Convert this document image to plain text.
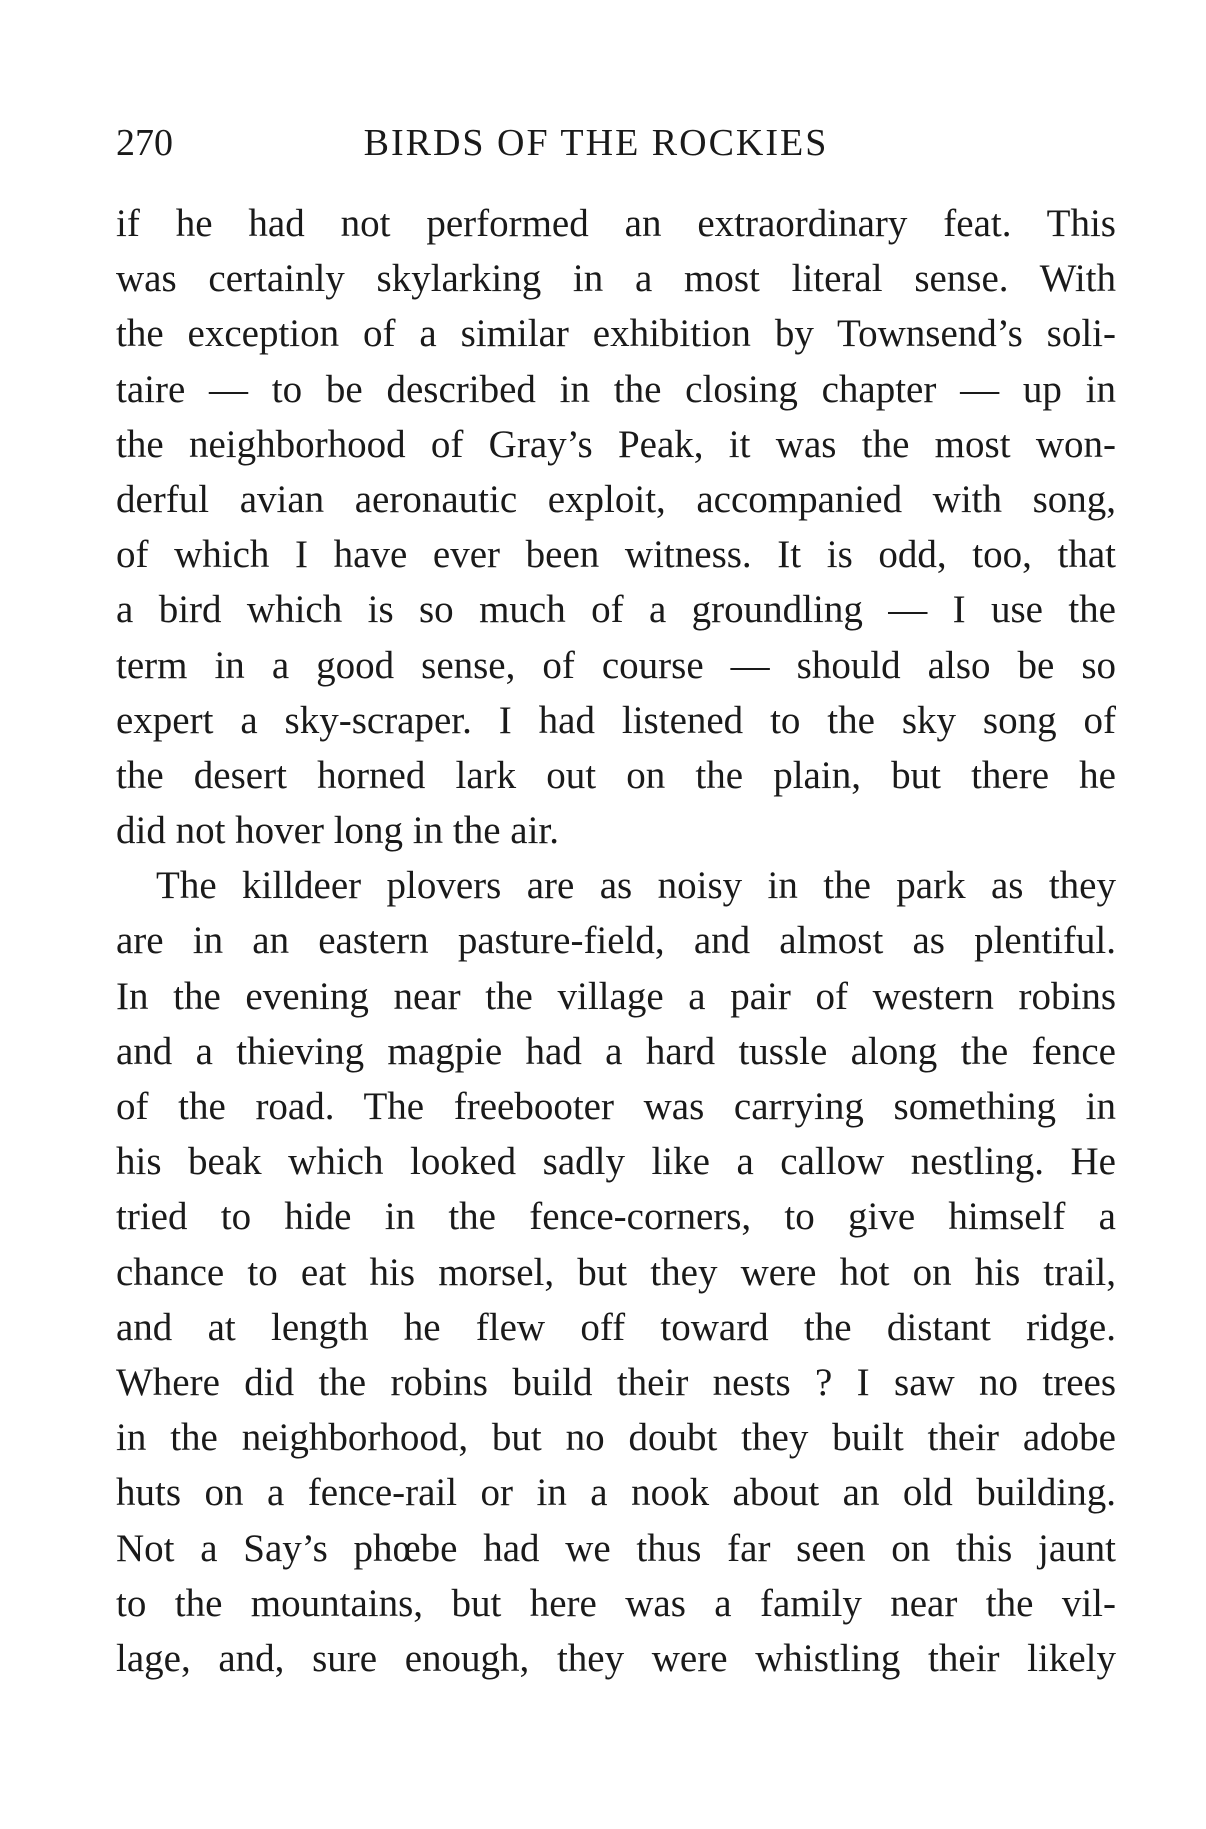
270	BIRDS OF THE ROCKIES
if he had not performed an extraordinary feat. This
was certainly skylarking in a most literal sense. With
the exception of a similar exhibition by Townsend’s soli-
taire — to be described in the closing chapter — up in
the neighborhood of Gray’s Peak, it was the most won-
derful avian aeronautic exploit, accompanied with song,
of which I have ever been witness. It is odd, too, that
a bird which is so much of a groundling — I use the
term in a good sense, of course — should also be so
expert a sky-scraper. I had listened to the sky song of
the desert horned lark out on the plain, but there he
did not hover long in the air.
The killdeer plovers are as noisy in the park as they
are in an eastern pasture-field, and almost as plentiful.
In the evening near the village a pair of western robins
and a thieving magpie had a hard tussle along the fence
of the road. The freebooter was carrying something in
his beak which looked sadly like a callow nestling. He
tried to hide in the fence-corners, to give himself a
chance to eat his morsel, but they were hot on his trail,
and at length he flew off toward the distant ridge.
Where did the robins build their nests ? I saw no trees
in the neighborhood, but no doubt they built their adobe
huts on a fence-rail or in a nook about an old building.
Not a Say’s phœbe had we thus far seen on this jaunt
to the mountains, but here was a family near the vil-
lage, and, sure enough, they were whistling their likely
